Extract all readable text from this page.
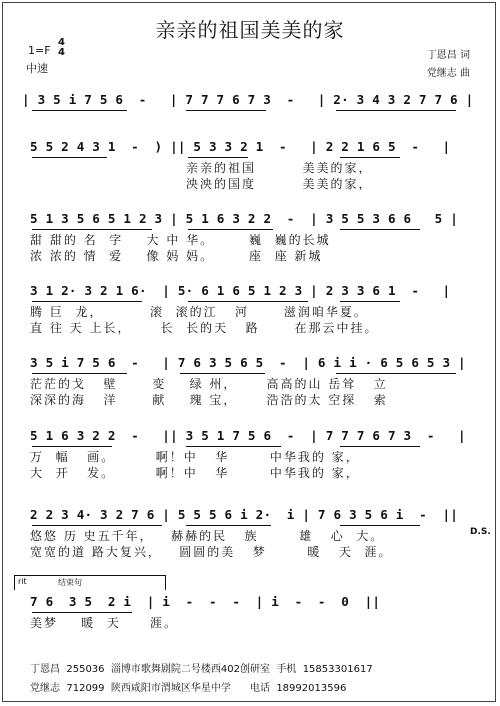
亲亲的祖国美美的家
1=F
4
4
中速
丁恩昌 词
党继志 曲
| 3 5 i 7 5 6  -   | 7 7 7 6 7 3  -   | 2· 3 4 3 2 7 7 6 |
5 5 2 4 3 1  -  ) || 5 3 3 2 1  -   | 2 2 1 6 5  -   |
亲亲的祖国        美美的家，
泱泱的国度        美美的家，
5 1 3 5 6 5 1 2 3 | 5 1 6 3 2 2  -  | 3 5 5 3 6 6   5 |
甜 甜的 名  字    大 中 华。      巍  巍的长城
浓 浓的 情  爱    像 妈 妈。      座  座 新城
3 1 2· 3 2 1 6·  | 5· 6 1 6 5 1 2 3 | 2 3 3 6 1  -   |
腾 巨  龙，        滚  滚的江   河      滋润咱华夏。
直 往 天 上长，     长  长的天   路      在那云中挂。
3 5 i 7 5 6  -   | 7 6 3 5 6 5  -  | 6 i i · 6 5 6 5 3 |
茫茫的戈   壁      变    绿 州，     高高的山 岳耸   立
深深的海   洋      献    瑰 宝，     浩浩的太 空探   索
5 1 6 3 2 2  -   || 3 5 1 7 5 6  -  | 7 7 7 6 7 3  -   |
万  幅   画。       啊！中   华       中华我的 家，
大  开   发。       啊！中   华       中华我的 家，
2 2 3 4· 3 2 7 6 | 5 5 5 6 i 2·  i | 7 6 3 5 6 i  -  ||
悠悠 历 史五千年，   赫赫的民   族       雄   心  大。
宽宽的道 路大复兴，   圆圆的美   梦       暖   天  涯。
D.S.
rit	结束句
7 6  3 5  2 i  | i  -  -  -  | i  -  -  0  ||
美梦    暖  天     涯。
丁恩昌  255036  淄博市歌舞剧院二号楼西402创研室  手机  15853301617
党继志  712099  陕西咸阳市渭城区华星中学      电话  18992013596
